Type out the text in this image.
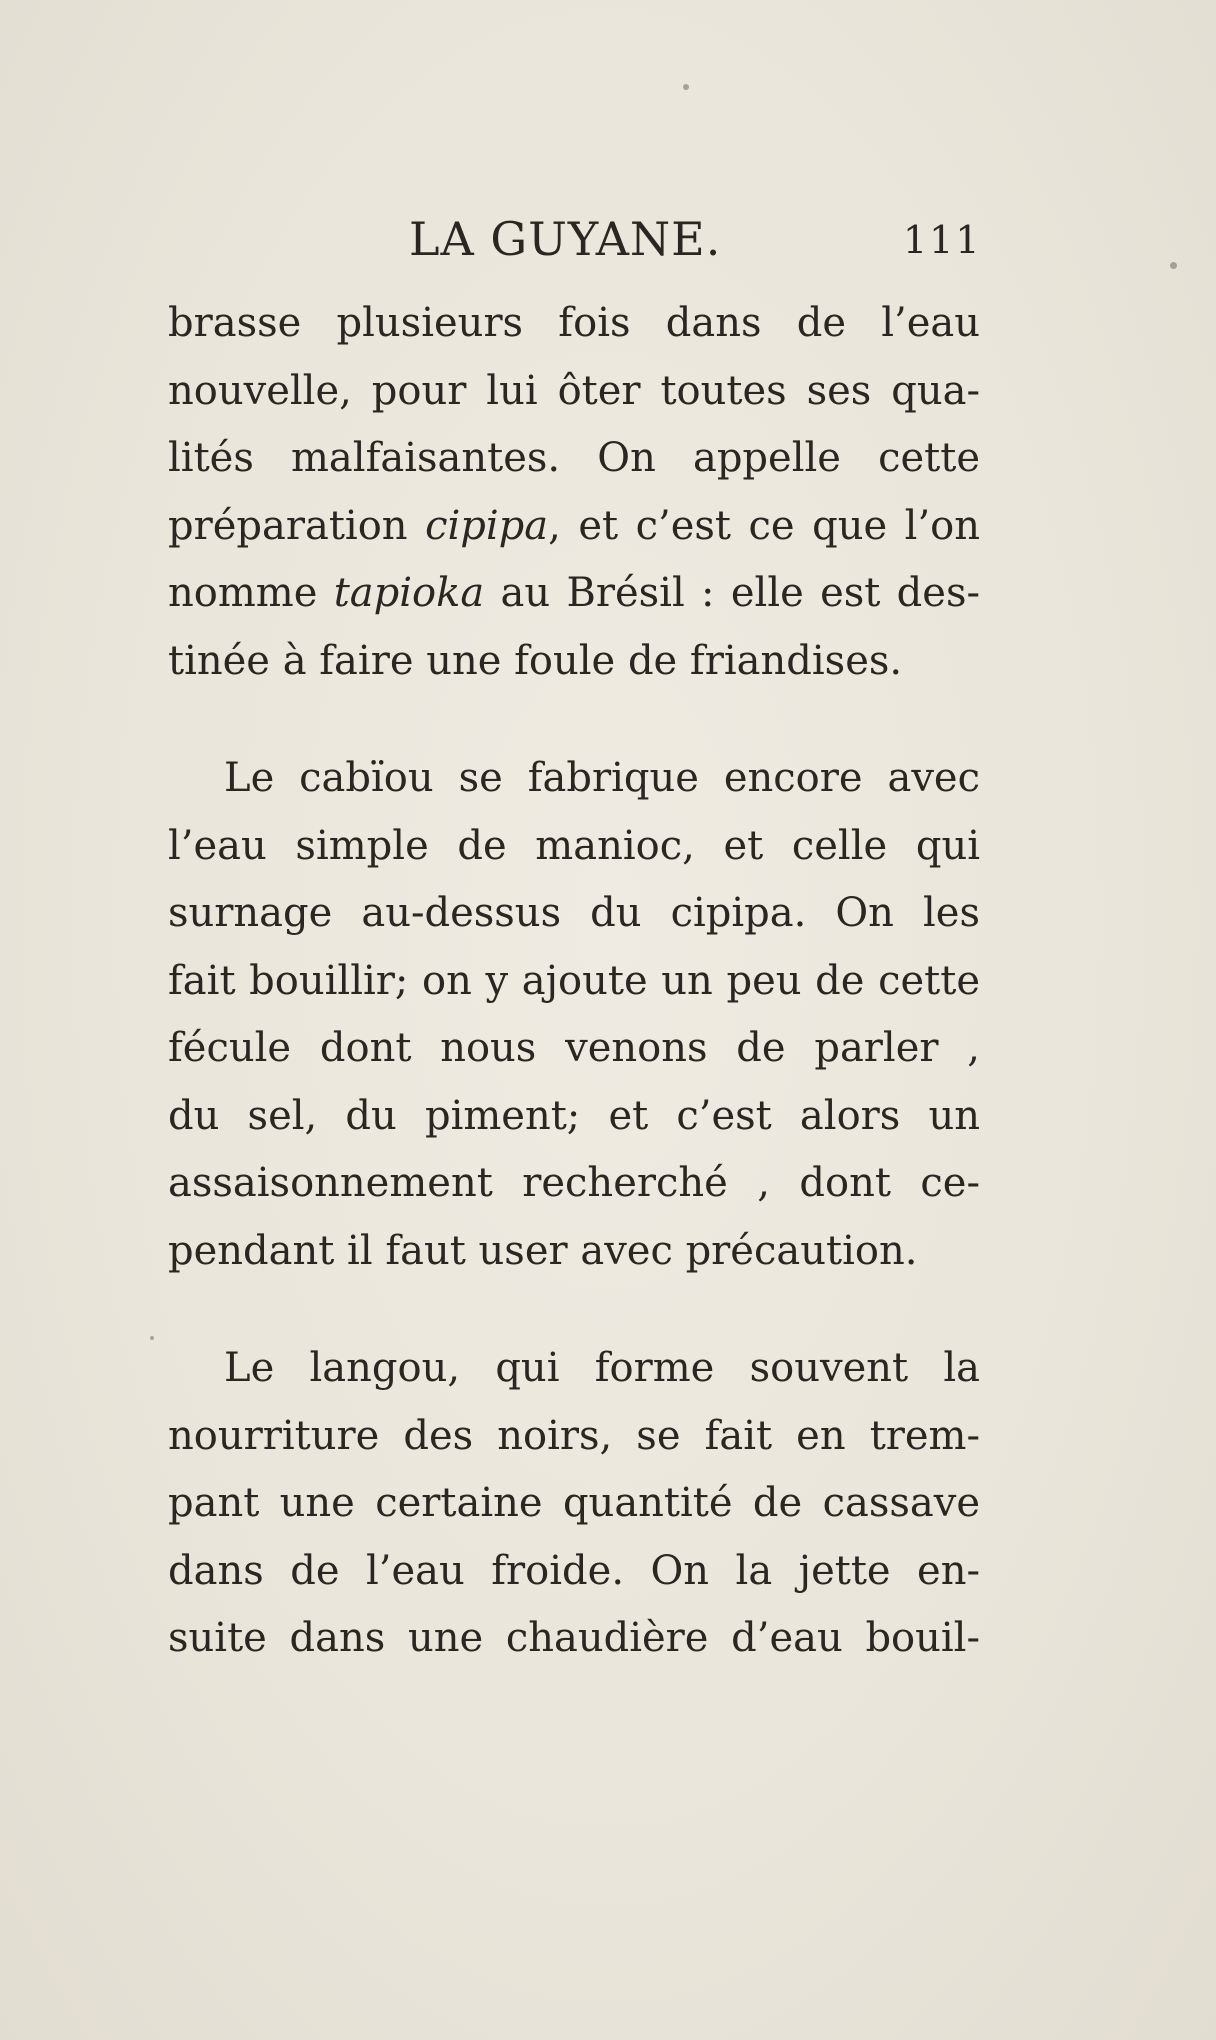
LA GUYANE.	111

brasse plusieurs fois dans de l’eau
nouvelle, pour lui ôter toutes ses qua-
lités malfaisantes. On appelle cette
préparation cipipa, et c’est ce que l’on
nomme tapioka au Brésil : elle est des-
tinée à faire une foule de friandises.

Le cabïou se fabrique encore avec
l’eau simple de manioc, et celle qui
surnage au-dessus du cipipa. On les
fait bouillir; on y ajoute un peu de cette
fécule dont nous venons de parler ,
du sel, du piment; et c’est alors un
assaisonnement recherché , dont ce-
pendant il faut user avec précaution.

Le langou, qui forme souvent la
nourriture des noirs, se fait en trem-
pant une certaine quantité de cassave
dans de l’eau froide. On la jette en-
suite dans une chaudière d’eau bouil-
